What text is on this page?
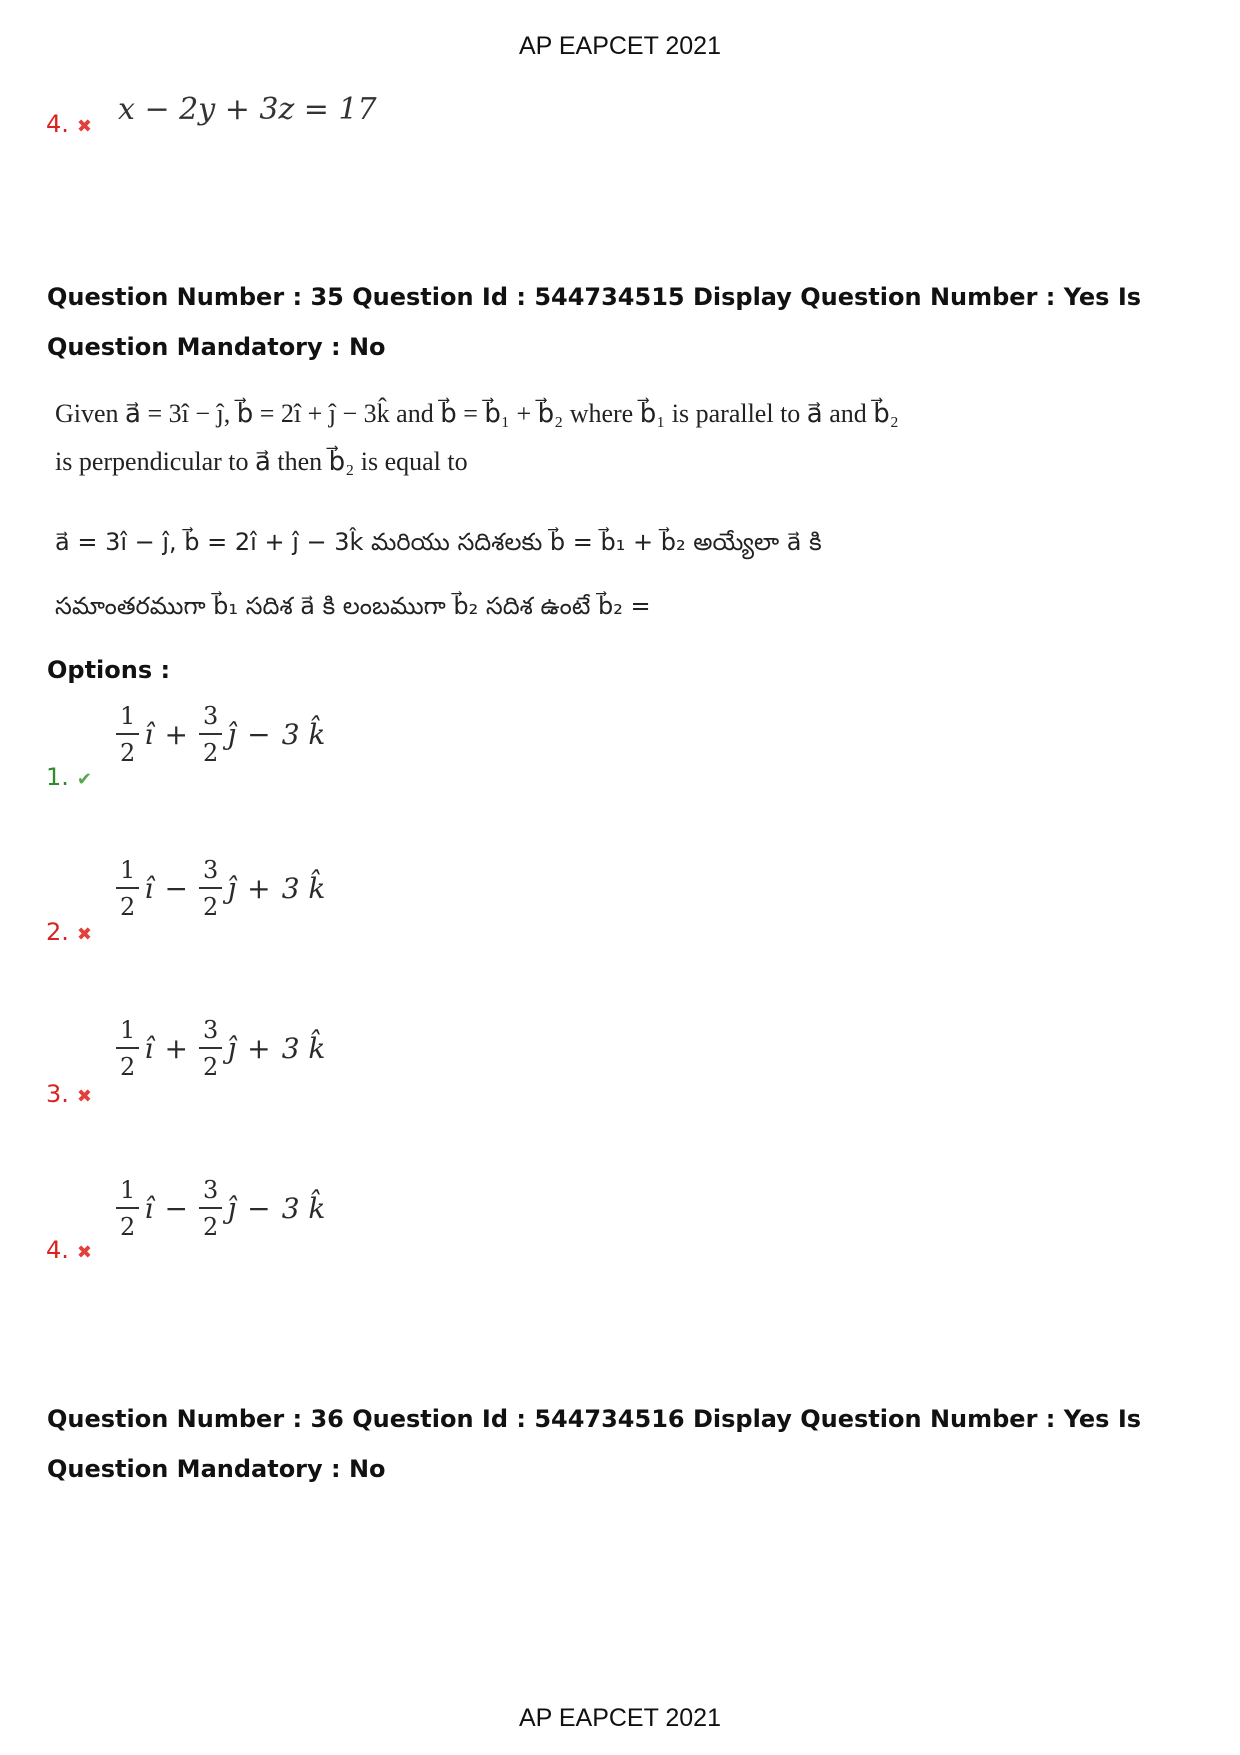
AP EAPCET 2021
4. ✖ x − 2y + 3z = 17
Question Number : 35 Question Id : 544734515 Display Question Number : Yes Is Question Mandatory : No
Given a⃗ = 3î − ĵ, b⃗ = 2î + ĵ − 3k̂ and b⃗ = b⃗₁ + b⃗₂ where b⃗₁ is parallel to a⃗ and b⃗₂
is perpendicular to a⃗ then b⃗₂ is equal to
a⃗ = 3î − ĵ, b⃗ = 2î + ĵ − 3k̂ మరియు సదిశలకు b⃗ = b⃗₁ + b⃗₂ అయ్యేలా a⃗ కి
సమాంతరముగా b⃗₁ సదిశ a⃗ కి లంబముగా b⃗₂ సదిశ ఉంటే b⃗₂ =
Options :
1. ✔
$\frac{1}{2}$ î + $\frac{3}{2}$ ĵ − 3 k̂
2. ✖
$\frac{1}{2}$ î − $\frac{3}{2}$ ĵ + 3 k̂
3. ✖
$\frac{1}{2}$ î + $\frac{3}{2}$ ĵ + 3 k̂
4. ✖
$\frac{1}{2}$ î − $\frac{3}{2}$ ĵ − 3 k̂
Question Number : 36 Question Id : 544734516 Display Question Number : Yes Is Question Mandatory : No
AP EAPCET 2021
